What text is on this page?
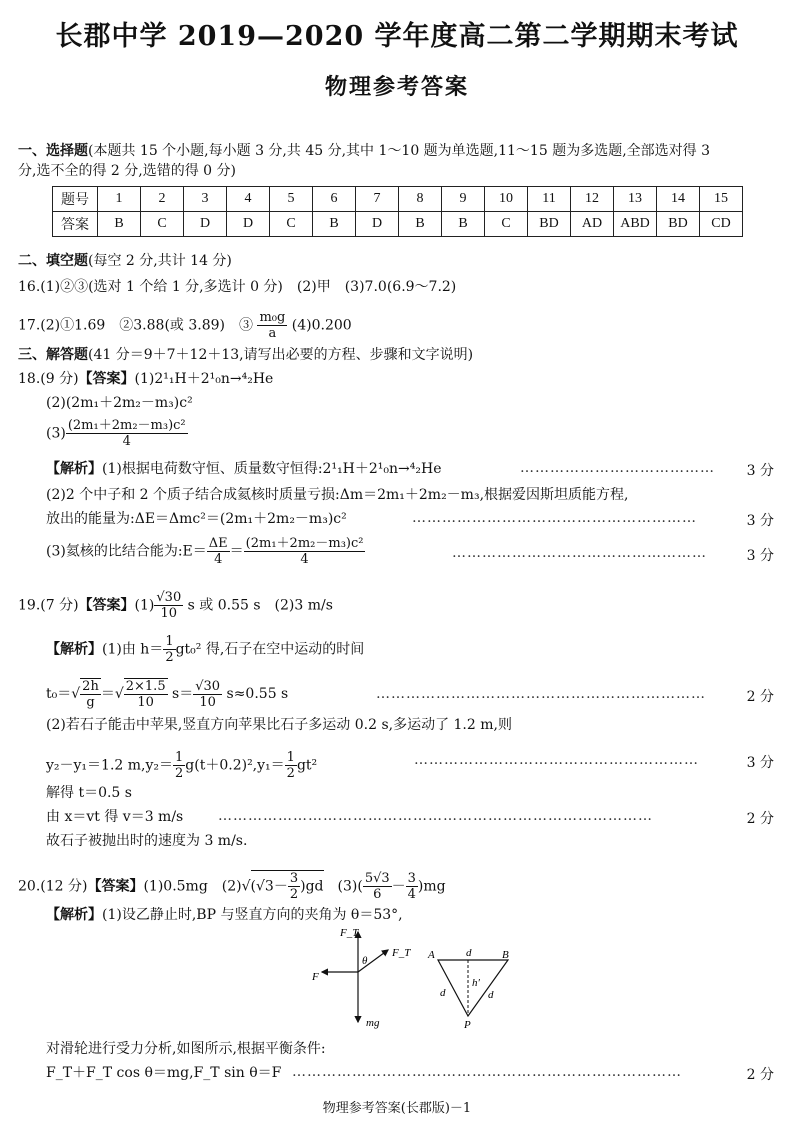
长郡中学 2019—2020 学年度高二第二学期期末考试
物理参考答案
一、选择题(本题共 15 个小题,每小题 3 分,共 45 分,其中 1～10 题为单选题,11～15 题为多选题,全部选对得 3
分,选不全的得 2 分,选错的得 0 分)
题号	1	2	3	4	5	6	7	8	9	10	11	12	13	14	15
答案	B	C	D	D	C	B	D	B	B	C	BD	AD	ABD	BD	CD
二、填空题(每空 2 分,共计 14 分)
16.(1)②③(选对 1 个给 1 分,多选计 0 分)　(2)甲　(3)7.0(6.9～7.2)
17.(2)①1.69　②3.88(或 3.89)　③ $\frac{\text{m₀g}}{a} (4)0.200$
三、解答题(41 分＝9＋7＋12＋13,请写出必要的方程、步骤和文字说明)
18.(9 分)【答案】(1)2¹₁H＋2¹₀n→⁴₂He
(2)(2m₁＋2m₂－m₃)c²
$(3) \frac{\text{(2m₁＋2m₂－m₃)c²}}{4}$
【解析】(1)根据电荷数守恒、质量数守恒得:2¹₁H＋2¹₀n→⁴₂He	………………………………… 3 分
(2)2 个中子和 2 个质子结合成氦核时质量亏损:Δm＝2m₁＋2m₂－m₃,根据爱因斯坦质能方程,
放出的能量为:ΔE＝Δmc²＝(2m₁＋2m₂－m₃)c²	…………………………………………………	3 分
(3)氦核的比结合能为:E＝ $\frac{\Delta E}{4} = \frac{\text{(2m₁＋2m₂－m₃)c²}}{4}$	……………………………………………	3 分
19.(7 分)【答案】$(1) \frac{√30}{10}$ s 或 0.55 s　(2)3 m/s
【解析】(1)由 $h= \frac{1}{2} gt_0^2$ 得,石子在空中运动的时间
$t_0=√ \frac{2h}{g}$ ＝√ $\frac{2\times 1.5}{10} s= \frac{√30}{10} s\approx 0.55$ s	…………………………………………………………	2 分
(2)若石子能击中苹果,竖直方向苹果比石子多运动 0.2 s,多运动了 1.2 m,则
y₂－y₁＝1.2 $m,y_2= \frac{1}{2} g(t+0.2)^2,y_1= \frac{1}{2} gt^2$	…………………………………………………	3 分
解得 t＝0.5 s
由 x＝vt 得 v＝3 m/s ……………………………………………………………………………	2 分
故石子被抛出时的速度为 3 m/s.
20.(12 分)【答案】(1)0.5mg　$(2)√(√3- \frac{3}{2} )gd$　$(3)( \frac{5√3}{6} - \frac{3}{4} )mg$
【解析】(1)设乙静止时,BP 与竖直方向的夹角为 θ＝53°,
F_T
F_T
θ
F
mg
A	B
d
d	d
h′
P
对滑轮进行受力分析,如图所示,根据平衡条件:
F_T＋F_T cos θ＝mg,F_T sin θ＝F ……………………………………………………………………	2 分
物理参考答案(长郡版)－1
